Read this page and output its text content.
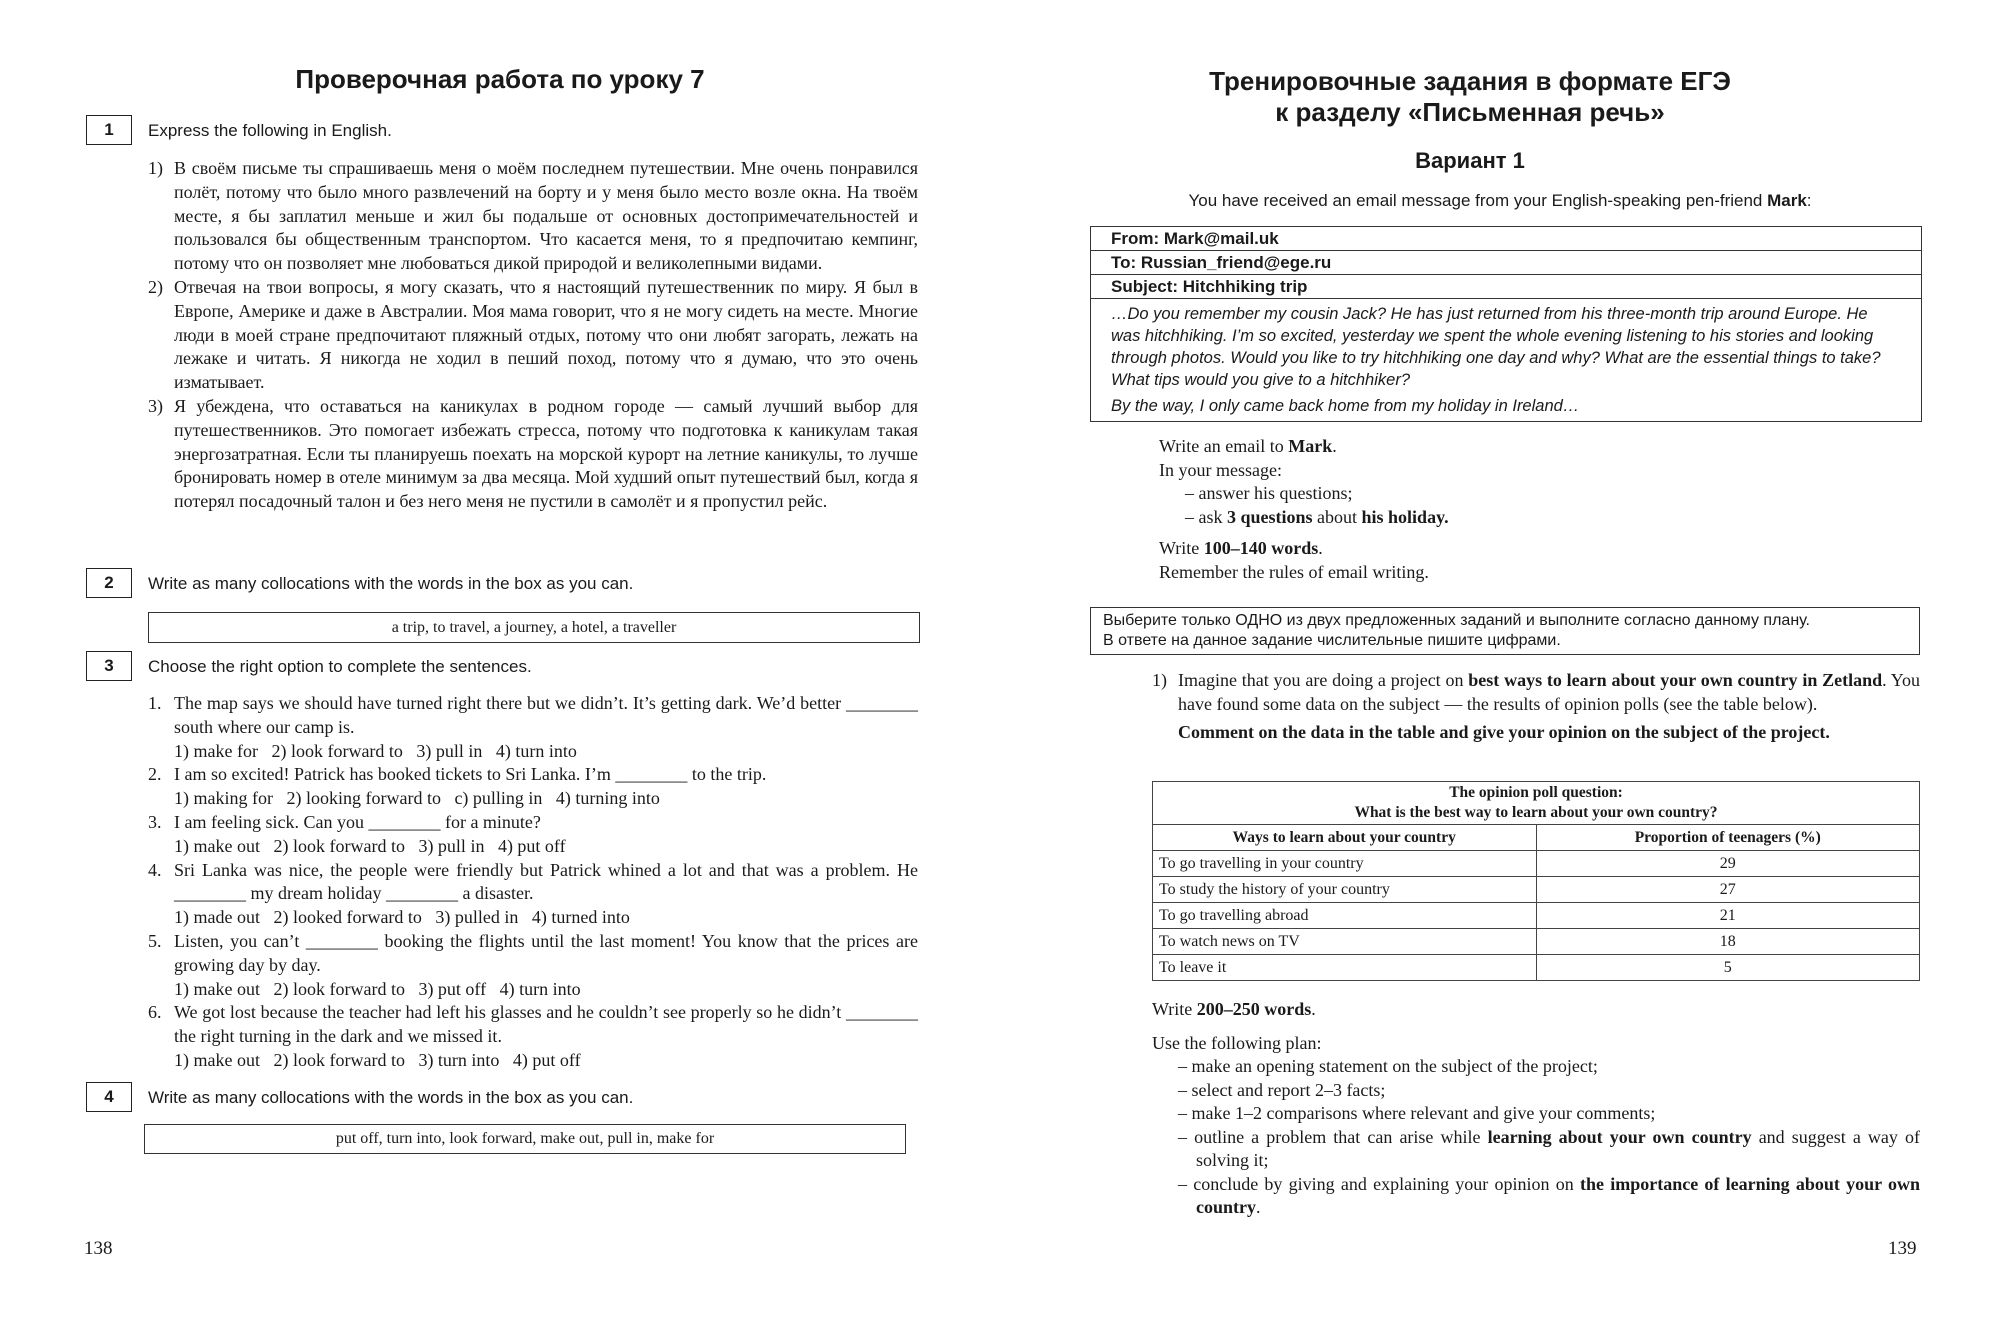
Проверочная работа по уроку 7
1	Express the following in English.
1) В своём письме ты спрашиваешь меня о моём последнем путешествии. Мне очень понравился полёт, потому что было много развлечений на борту и у меня было место возле окна. На твоём месте, я бы заплатил меньше и жил бы подальше от основных достопримечательностей и пользовался бы общественным транспортом. Что касается меня, то я предпочитаю кемпинг, потому что он позволяет мне любоваться дикой природой и великолепными видами.
2) Отвечая на твои вопросы, я могу сказать, что я настоящий путешественник по миру. Я был в Европе, Америке и даже в Австралии. Моя мама говорит, что я не могу сидеть на месте. Многие люди в моей стране предпочитают пляжный отдых, потому что они любят загорать, лежать на лежаке и читать. Я никогда не ходил в пеший поход, потому что я думаю, что это очень изматывает.
3) Я убеждена, что оставаться на каникулах в родном городе — самый лучший выбор для путешественников. Это помогает избежать стресса, потому что подготовка к каникулам такая энергозатратная. Если ты планируешь поехать на морской курорт на летние каникулы, то лучше бронировать номер в отеле минимум за два месяца. Мой худший опыт путешествий был, когда я потерял посадочный талон и без него меня не пустили в самолёт и я пропустил рейс.
2	Write as many collocations with the words in the box as you can.
a trip, to travel, a journey, a hotel, a traveller
3	Choose the right option to complete the sentences.
1. The map says we should have turned right there but we didn’t. It’s getting dark. We’d better ________ south where our camp is.
1) make for   2) look forward to   3) pull in   4) turn into
2. I am so excited! Patrick has booked tickets to Sri Lanka. I’m ________ to the trip.
1) making for   2) looking forward to   c) pulling in   4) turning into
3. I am feeling sick. Can you ________ for a minute?
1) make out   2) look forward to   3) pull in   4) put off
4. Sri Lanka was nice, the people were friendly but Patrick whined a lot and that was a problem. He ________ my dream holiday ________ a disaster.
1) made out   2) looked forward to   3) pulled in   4) turned into
5. Listen, you can’t ________ booking the flights until the last moment! You know that the prices are growing day by day.
1) make out   2) look forward to   3) put off   4) turn into
6. We got lost because the teacher had left his glasses and he couldn’t see properly so he didn’t ________ the right turning in the dark and we missed it.
1) make out   2) look forward to   3) turn into   4) put off
4	Write as many collocations with the words in the box as you can.
put off, turn into, look forward, make out, pull in, make for
138
Тренировочные задания в формате ЕГЭ
к разделу «Письменная речь»
Вариант 1
You have received an email message from your English-speaking pen-friend Mark:
From: Mark@mail.uk
To: Russian_friend@ege.ru
Subject: Hitchhiking trip
…Do you remember my cousin Jack? He has just returned from his three-month trip around Europe. He was hitchhiking. I’m so excited, yesterday we spent the whole evening listening to his stories and looking through photos. Would you like to try hitchhiking one day and why? What are the essential things to take? What tips would you give to a hitchhiker?
By the way, I only came back home from my holiday in Ireland…
Write an email to Mark.
In your message:
– answer his questions;
– ask 3 questions about his holiday.
Write 100–140 words.
Remember the rules of email writing.
Выберите только ОДНО из двух предложенных заданий и выполните согласно данному плану.
В ответе на данное задание числительные пишите цифрами.
1) Imagine that you are doing a project on best ways to learn about your own country in Zetland. You have found some data on the subject — the results of opinion polls (see the table below).
Comment on the data in the table and give your opinion on the subject of the project.
The opinion poll question:
What is the best way to learn about your own country?	

Ways to learn about your country	Proportion of teenagers (%)
To go travelling in your country	29
To study the history of your country	27
To go travelling abroad	21
To watch news on TV	18
To leave it	5
Write 200–250 words.
Use the following plan:
– make an opening statement on the subject of the project;
– select and report 2–3 facts;
– make 1–2 comparisons where relevant and give your comments;
– outline a problem that can arise while learning about your own country and suggest a way of solving it;
– conclude by giving and explaining your opinion on the importance of learning about your own country.
139
